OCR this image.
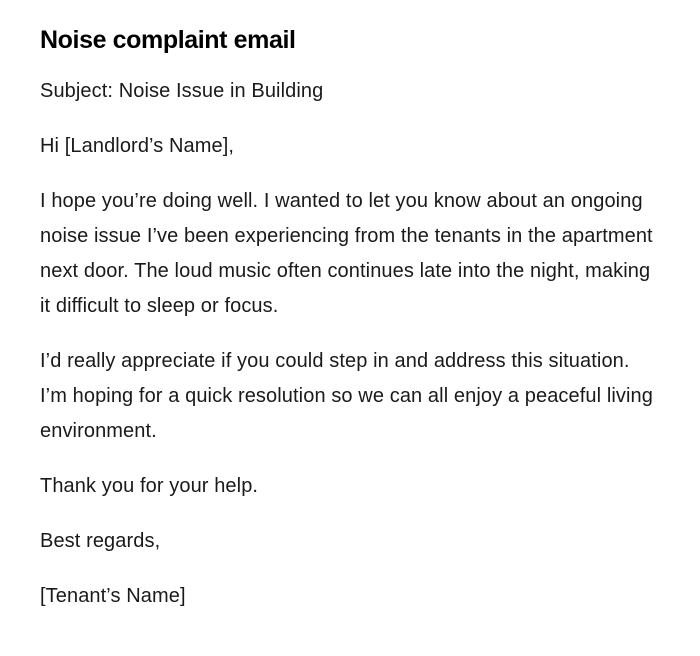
Noise complaint email

Subject: Noise Issue in Building

Hi [Landlord’s Name],

I hope you’re doing well. I wanted to let you know about an ongoing noise issue I’ve been experiencing from the tenants in the apartment next door. The loud music often continues late into the night, making it difficult to sleep or focus.

I’d really appreciate if you could step in and address this situation. I’m hoping for a quick resolution so we can all enjoy a peaceful living environment.

Thank you for your help.

Best regards,

[Tenant’s Name]
